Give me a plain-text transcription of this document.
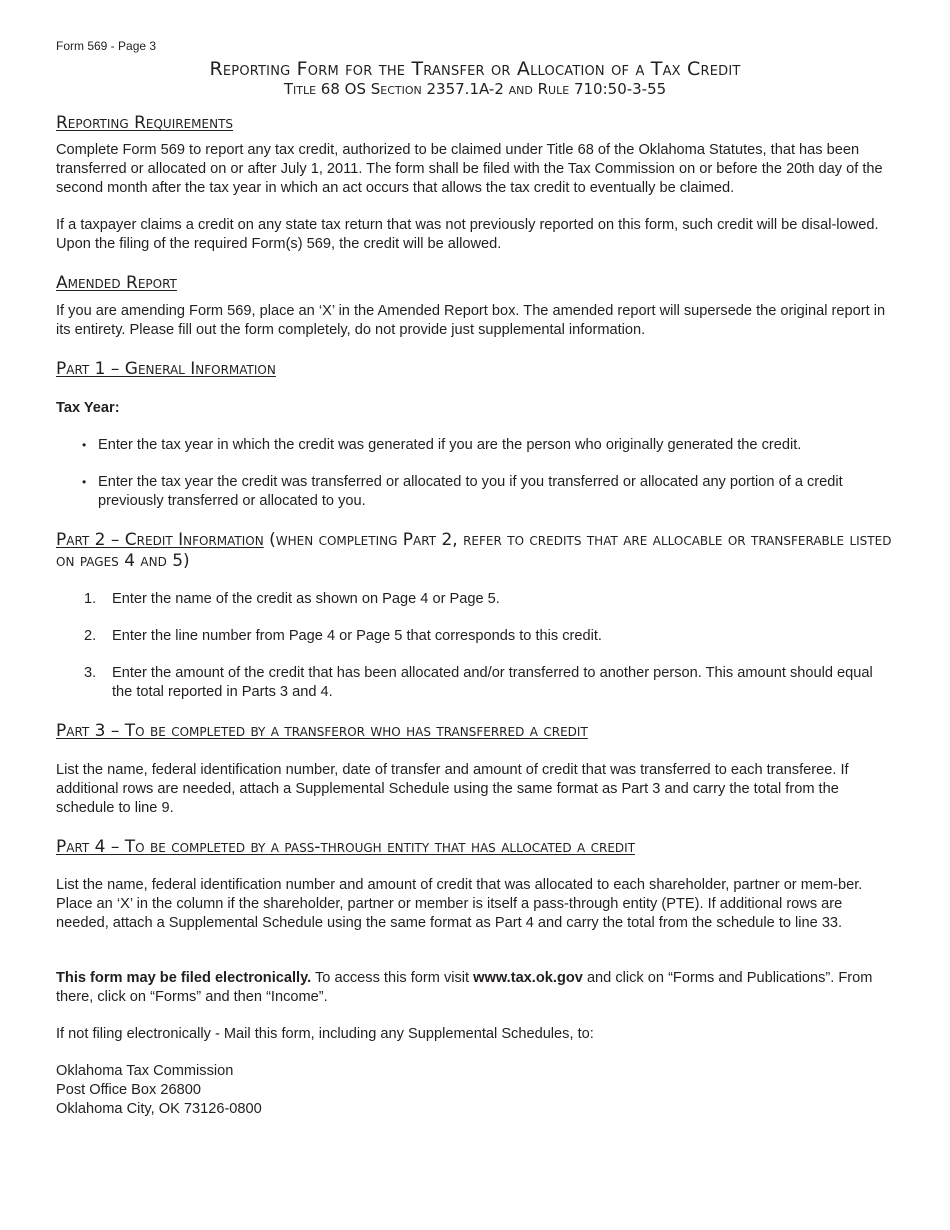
Form 569 - Page 3
Reporting Form for the Transfer or Allocation of a Tax Credit
Title 68 OS Section 2357.1A-2 and Rule 710:50-3-55
Reporting Requirements
Complete Form 569 to report any tax credit, authorized to be claimed under Title 68 of the Oklahoma Statutes, that has been transferred or allocated on or after July 1, 2011. The form shall be filed with the Tax Commission on or before the 20th day of the second month after the tax year in which an act occurs that allows the tax credit to eventually be claimed.
If a taxpayer claims a credit on any state tax return that was not previously reported on this form, such credit will be disal-lowed. Upon the filing of the required Form(s) 569, the credit will be allowed.
Amended Report
If you are amending Form 569, place an ‘X’ in the Amended Report box. The amended report will supersede the original report in its entirety. Please fill out the form completely, do not provide just supplemental information.
Part 1 – General Information
Tax Year:
• Enter the tax year in which the credit was generated if you are the person who originally generated the credit.
• Enter the tax year the credit was transferred or allocated to you if you transferred or allocated any portion of a credit previously transferred or allocated to you.
Part 2 – Credit Information (when completing Part 2, refer to credits that are allocable or transferable listed on pages 4 and 5)
1. Enter the name of the credit as shown on Page 4 or Page 5.
2. Enter the line number from Page 4 or Page 5 that corresponds to this credit.
3. Enter the amount of the credit that has been allocated and/or transferred to another person. This amount should equal the total reported in Parts 3 and 4.
Part 3 – To be completed by a transferor who has transferred a credit
List the name, federal identification number, date of transfer and amount of credit that was transferred to each transferee. If additional rows are needed, attach a Supplemental Schedule using the same format as Part 3 and carry the total from the schedule to line 9.
Part 4 – To be completed by a pass-through entity that has allocated a credit
List the name, federal identification number and amount of credit that was allocated to each shareholder, partner or mem-ber. Place an ‘X’ in the column if the shareholder, partner or member is itself a pass-through entity (PTE). If additional rows are needed, attach a Supplemental Schedule using the same format as Part 4 and carry the total from the schedule to line 33.
This form may be filed electronically. To access this form visit www.tax.ok.gov and click on “Forms and Publications”. From there, click on “Forms” and then “Income”.
If not filing electronically - Mail this form, including any Supplemental Schedules, to:
Oklahoma Tax Commission
Post Office Box 26800
Oklahoma City, OK 73126-0800
